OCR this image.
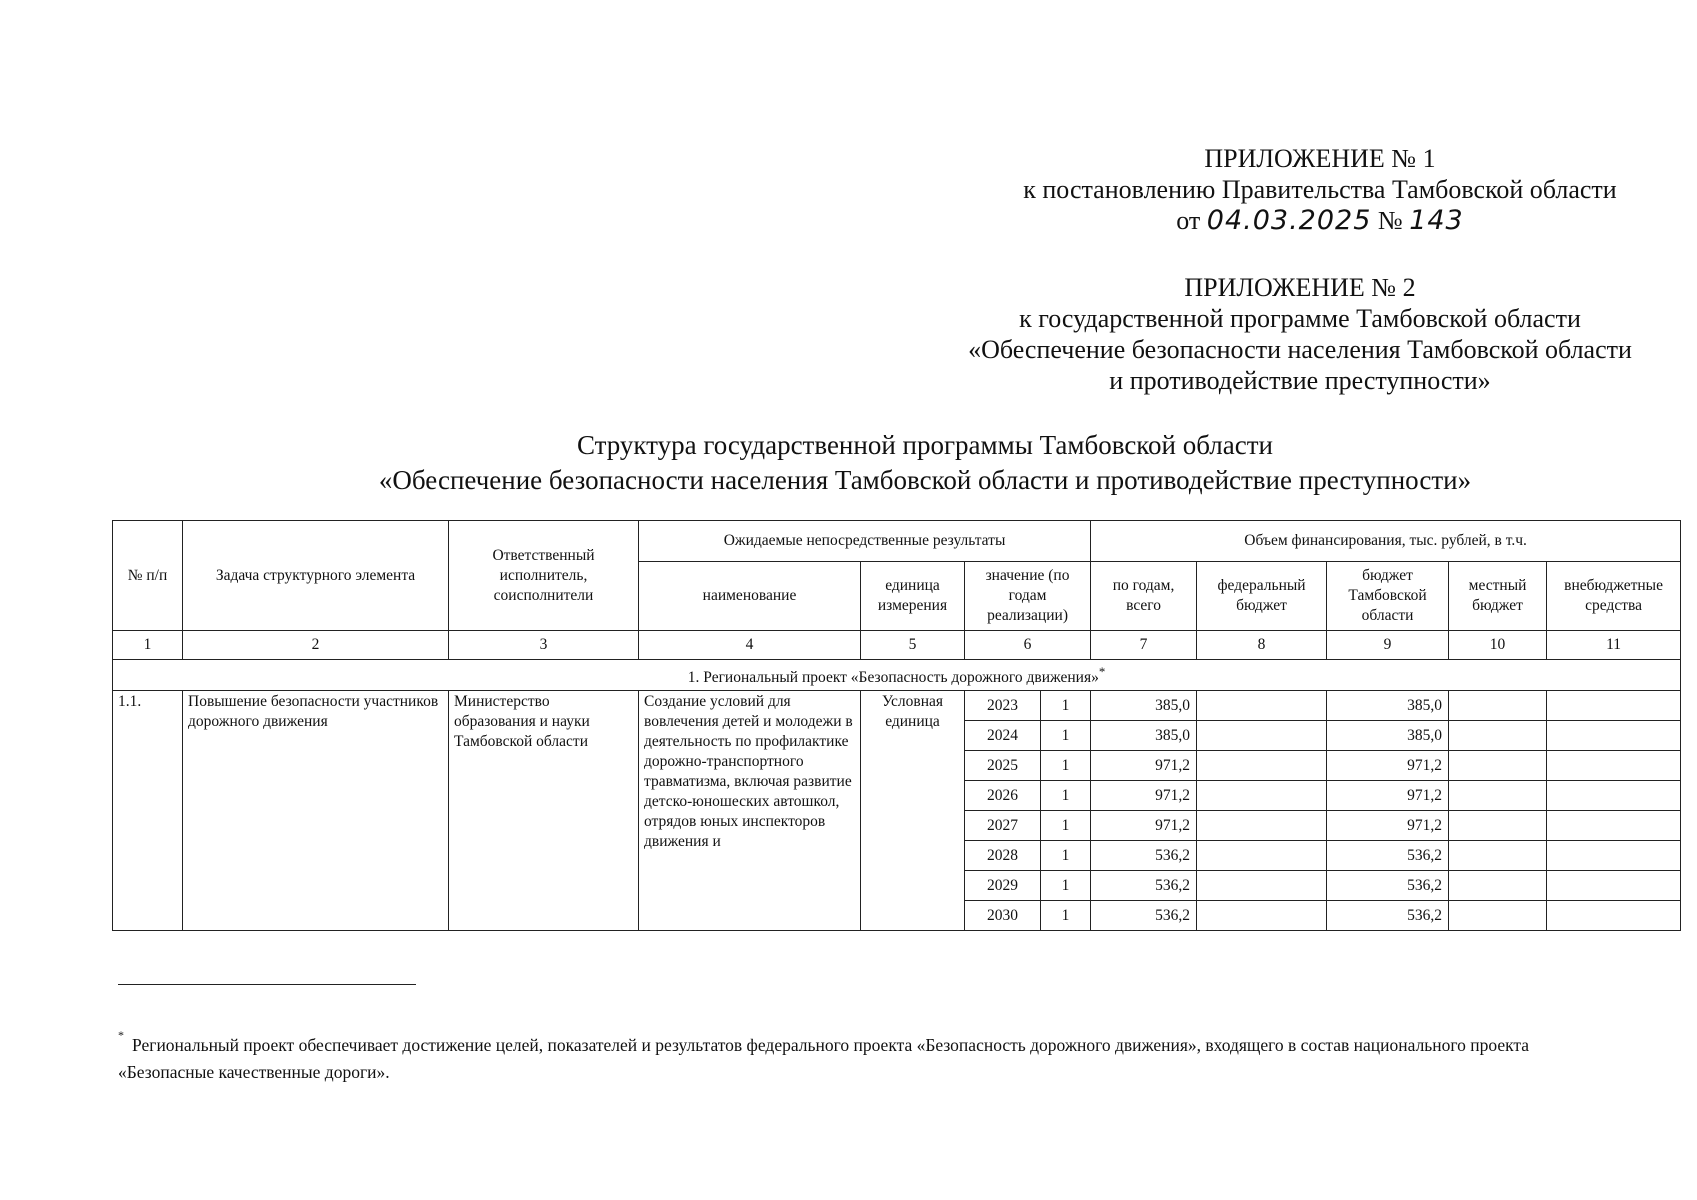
ПРИЛОЖЕНИЕ № 1
к постановлению Правительства Тамбовской области
от 04.03.2025 № 143
ПРИЛОЖЕНИЕ № 2
к государственной программе Тамбовской области
«Обеспечение безопасности населения Тамбовской области
и противодействие преступности»
Структура государственной программы Тамбовской области
«Обеспечение безопасности населения Тамбовской области и противодействие преступности»
№ п/п	Задача структурного элемента	Ответственный исполнитель, соисполнители	Ожидаемые непосредственные результаты				Объем финансирования, тыс. рублей, в т.ч.				
			наименование	единица измерения	значение (по годам реализации)		по годам, всего	федеральный бюджет	бюджет Тамбовской области	местный бюджет	внебюджетные средства
1	2	3	4	5	6		7	8	9	10	11
1. Региональный проект «Безопасность дорожного движения»*
1.1.	Повышение безопасности участников дорожного движения	Министерство образования и науки Тамбовской области	Создание условий для вовлечения детей и молодежи в деятельность по профилактике дорожно-транспортного травматизма, включая развитие детско-юношеских автошкол, отрядов юных инспекторов движения и	Условная единица	2023	1	385,0		385,0		
					2024	1	385,0		385,0		
					2025	1	971,2		971,2		
					2026	1	971,2		971,2		
					2027	1	971,2		971,2		
					2028	1	536,2		536,2		
					2029	1	536,2		536,2		
					2030	1	536,2		536,2		
* Региональный проект обеспечивает достижение целей, показателей и результатов федерального проекта «Безопасность дорожного движения», входящего в состав национального проекта «Безопасные качественные дороги».
